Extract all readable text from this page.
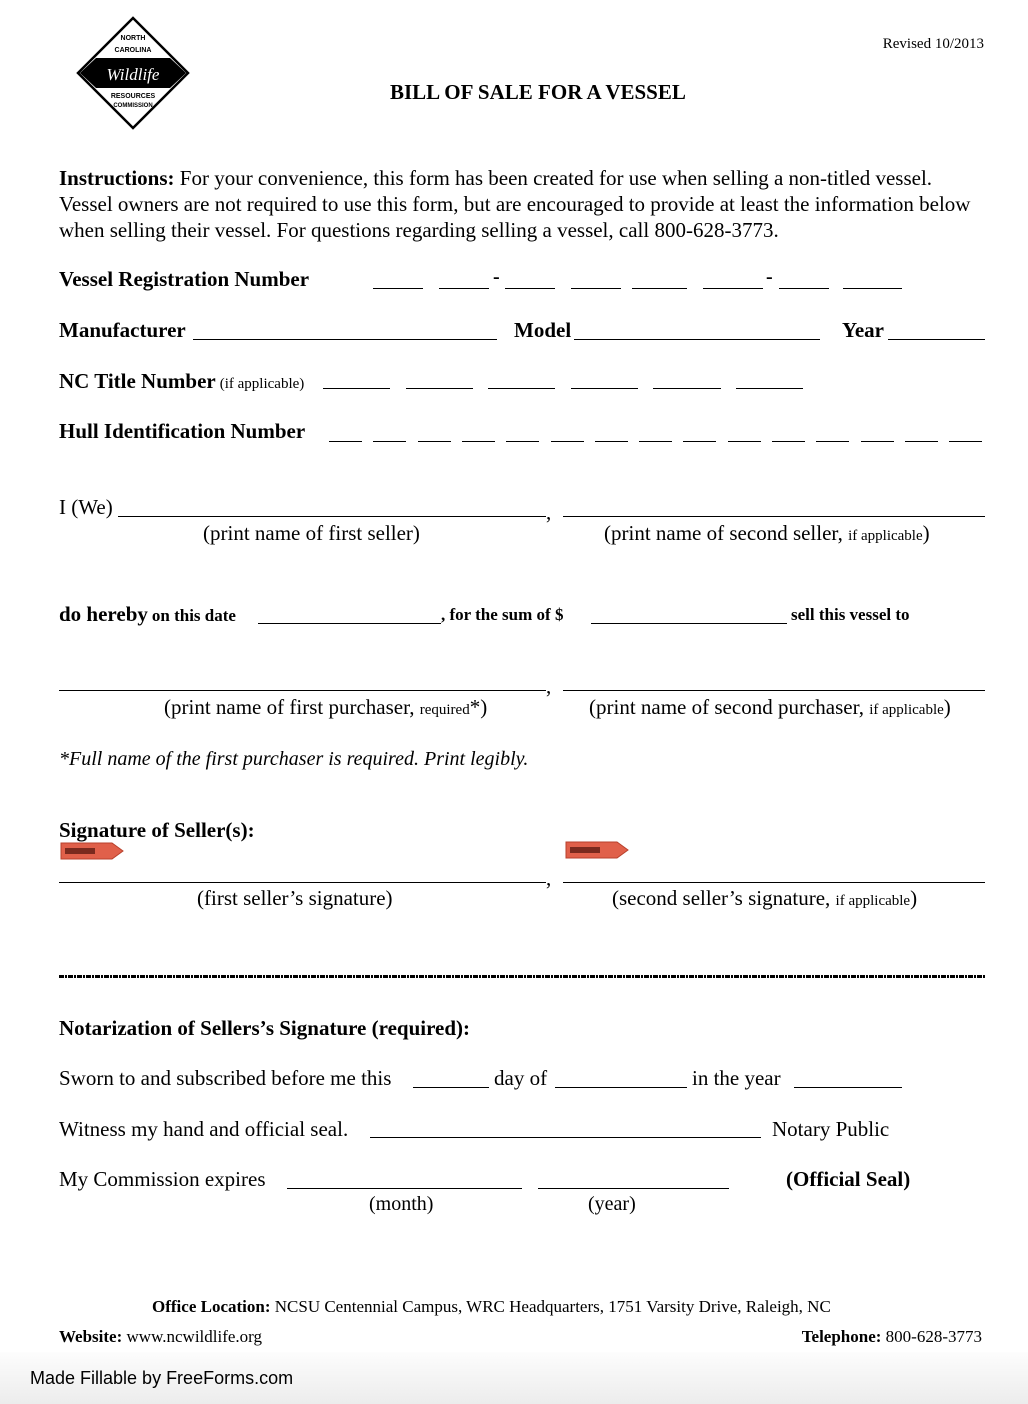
NORTH
CAROLINA
Wildlife
RESOURCES
COMMISSION
Revised 10/2013
BILL OF SALE FOR A VESSEL
Instructions: For your convenience, this form has been created for use when selling a non-titled vessel. Vessel owners are not required to use this form, but are encouraged to provide at least the information below when selling their vessel. For questions regarding selling a vessel, call 800-628-3773.
Vessel Registration Number	-	-
Manufacturer	Model	Year
NC Title Number (if applicable)
Hull Identification Number
I (We)	,
(print name of first seller)	(print name of second seller, if applicable)
do hereby on this date	, for the sum of $	sell this vessel to
,
(print name of first purchaser, required*)	(print name of second purchaser, if applicable)
*Full name of the first purchaser is required. Print legibly.
Signature of Seller(s):
,
(first seller’s signature)	(second seller’s signature, if applicable)
Notarization of Sellers’s Signature (required):
Sworn to and subscribed before me this	day of	in the year
Witness my hand and official seal.	Notary Public
My Commission expires	(Official Seal)
(month)	(year)
Office Location: NCSU Centennial Campus, WRC Headquarters, 1751 Varsity Drive, Raleigh, NC
Website: www.ncwildlife.org	Telephone: 800-628-3773
Made Fillable by FreeForms.com
